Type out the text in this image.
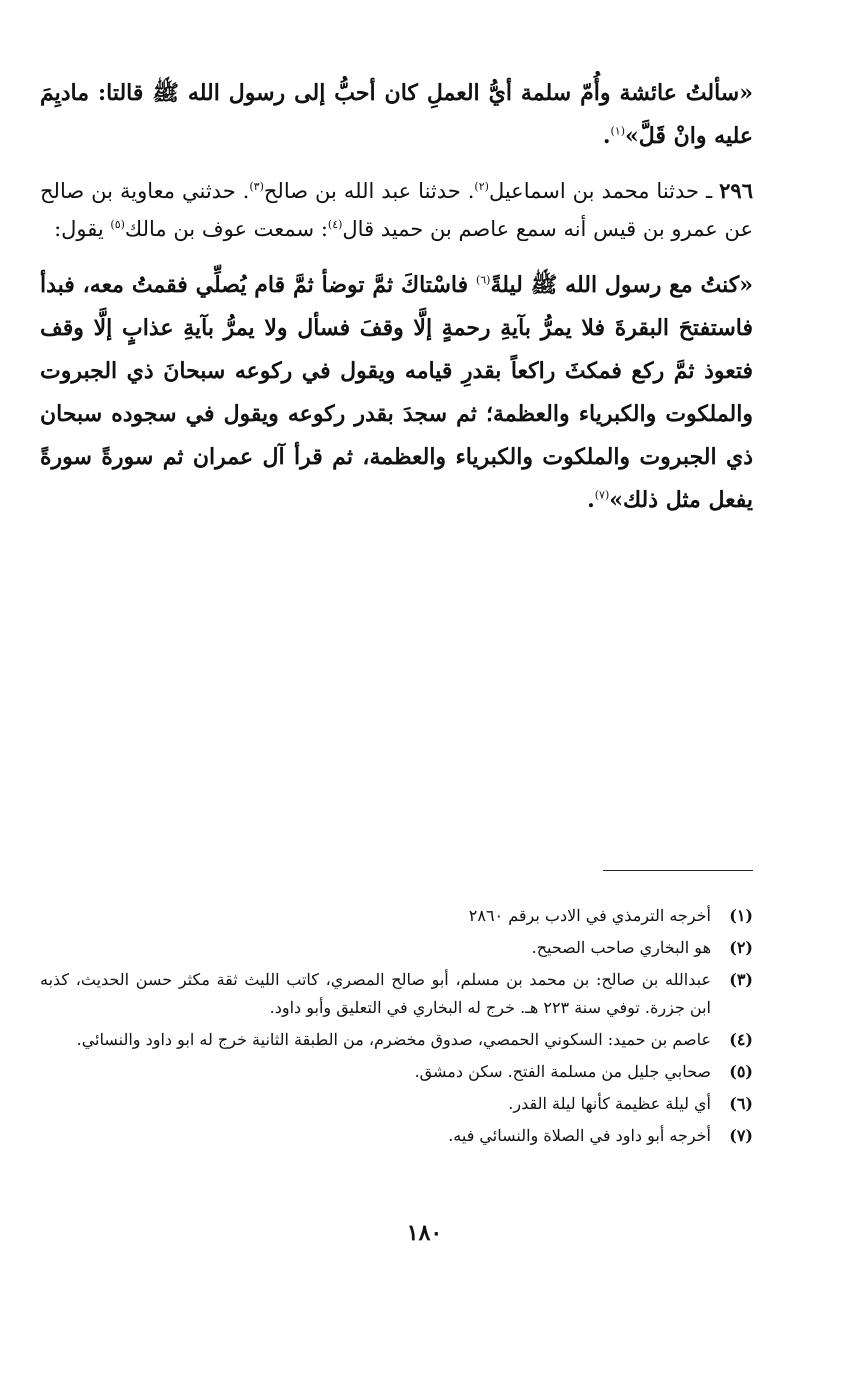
«سألتُ عائشة وأُمّ سلمة أيُّ العملِ كان أحبُّ إلى رسول الله ﷺ قالتا: ماديِمَ عليه وانْ قَلَّ»$^{(١)}$.

٢٩٦ ـ حدثنا محمد بن اسماعيل$^{(٢)}$. حدثنا عبد الله بن صالح$^{(٣)}$. حدثني معاوية بن صالح عن عمرو بن قيس أنه سمع عاصم بن حميد قال$^{(٤)}$: سمعت عوف بن مالك$^{(٥)}$ يقول:

«كنتُ مع رسول الله ﷺ ليلةً$^{(٦)}$ فاسْتاكَ ثمَّ توضأ ثمَّ قام يُصلِّي فقمتُ معه، فبدأ فاستفتحَ البقرةَ فلا يمرُّ بآيةِ رحمةٍ إلَّا وقفَ فسأل ولا يمرُّ بآيةِ عذابٍ إلَّا وقف فتعوذ ثمَّ ركع فمكثَ راكعاً بقدرِ قيامه ويقول في ركوعه سبحانَ ذي الجبروت والملكوت والكبرياء والعظمة؛ ثم سجدَ بقدر ركوعه ويقول في سجوده سبحان ذي الجبروت والملكوت والكبرياء والعظمة، ثم قرأ آل عمران ثم سورةً سورةً يفعل مثل ذلك»$^{(٧)}$.

(١)
أخرجه الترمذي في الادب برقم ٢٨٦٠
(٢)
هو البخاري صاحب الصحيح.
(٣)
عبدالله بن صالح: بن محمد بن مسلم، أبو صالح المصري، كاتب الليث ثقة مكثر حسن الحديث، كذبه ابن جزرة. توفي سنة ٢٢٣ هـ. خرج له البخاري في التعليق وأبو داود.
(٤)
عاصم بن حميد: السكوني الحمصي، صدوق مخضرم، من الطبقة الثانية خرج له ابو داود والنسائي.
(٥)
صحابي جليل من مسلمة الفتح. سكن دمشق.
(٦)
أي ليلة عظيمة كأنها ليلة القدر.
(٧)
أخرجه أبو داود في الصلاة والنسائي فيه.
١٨٠
